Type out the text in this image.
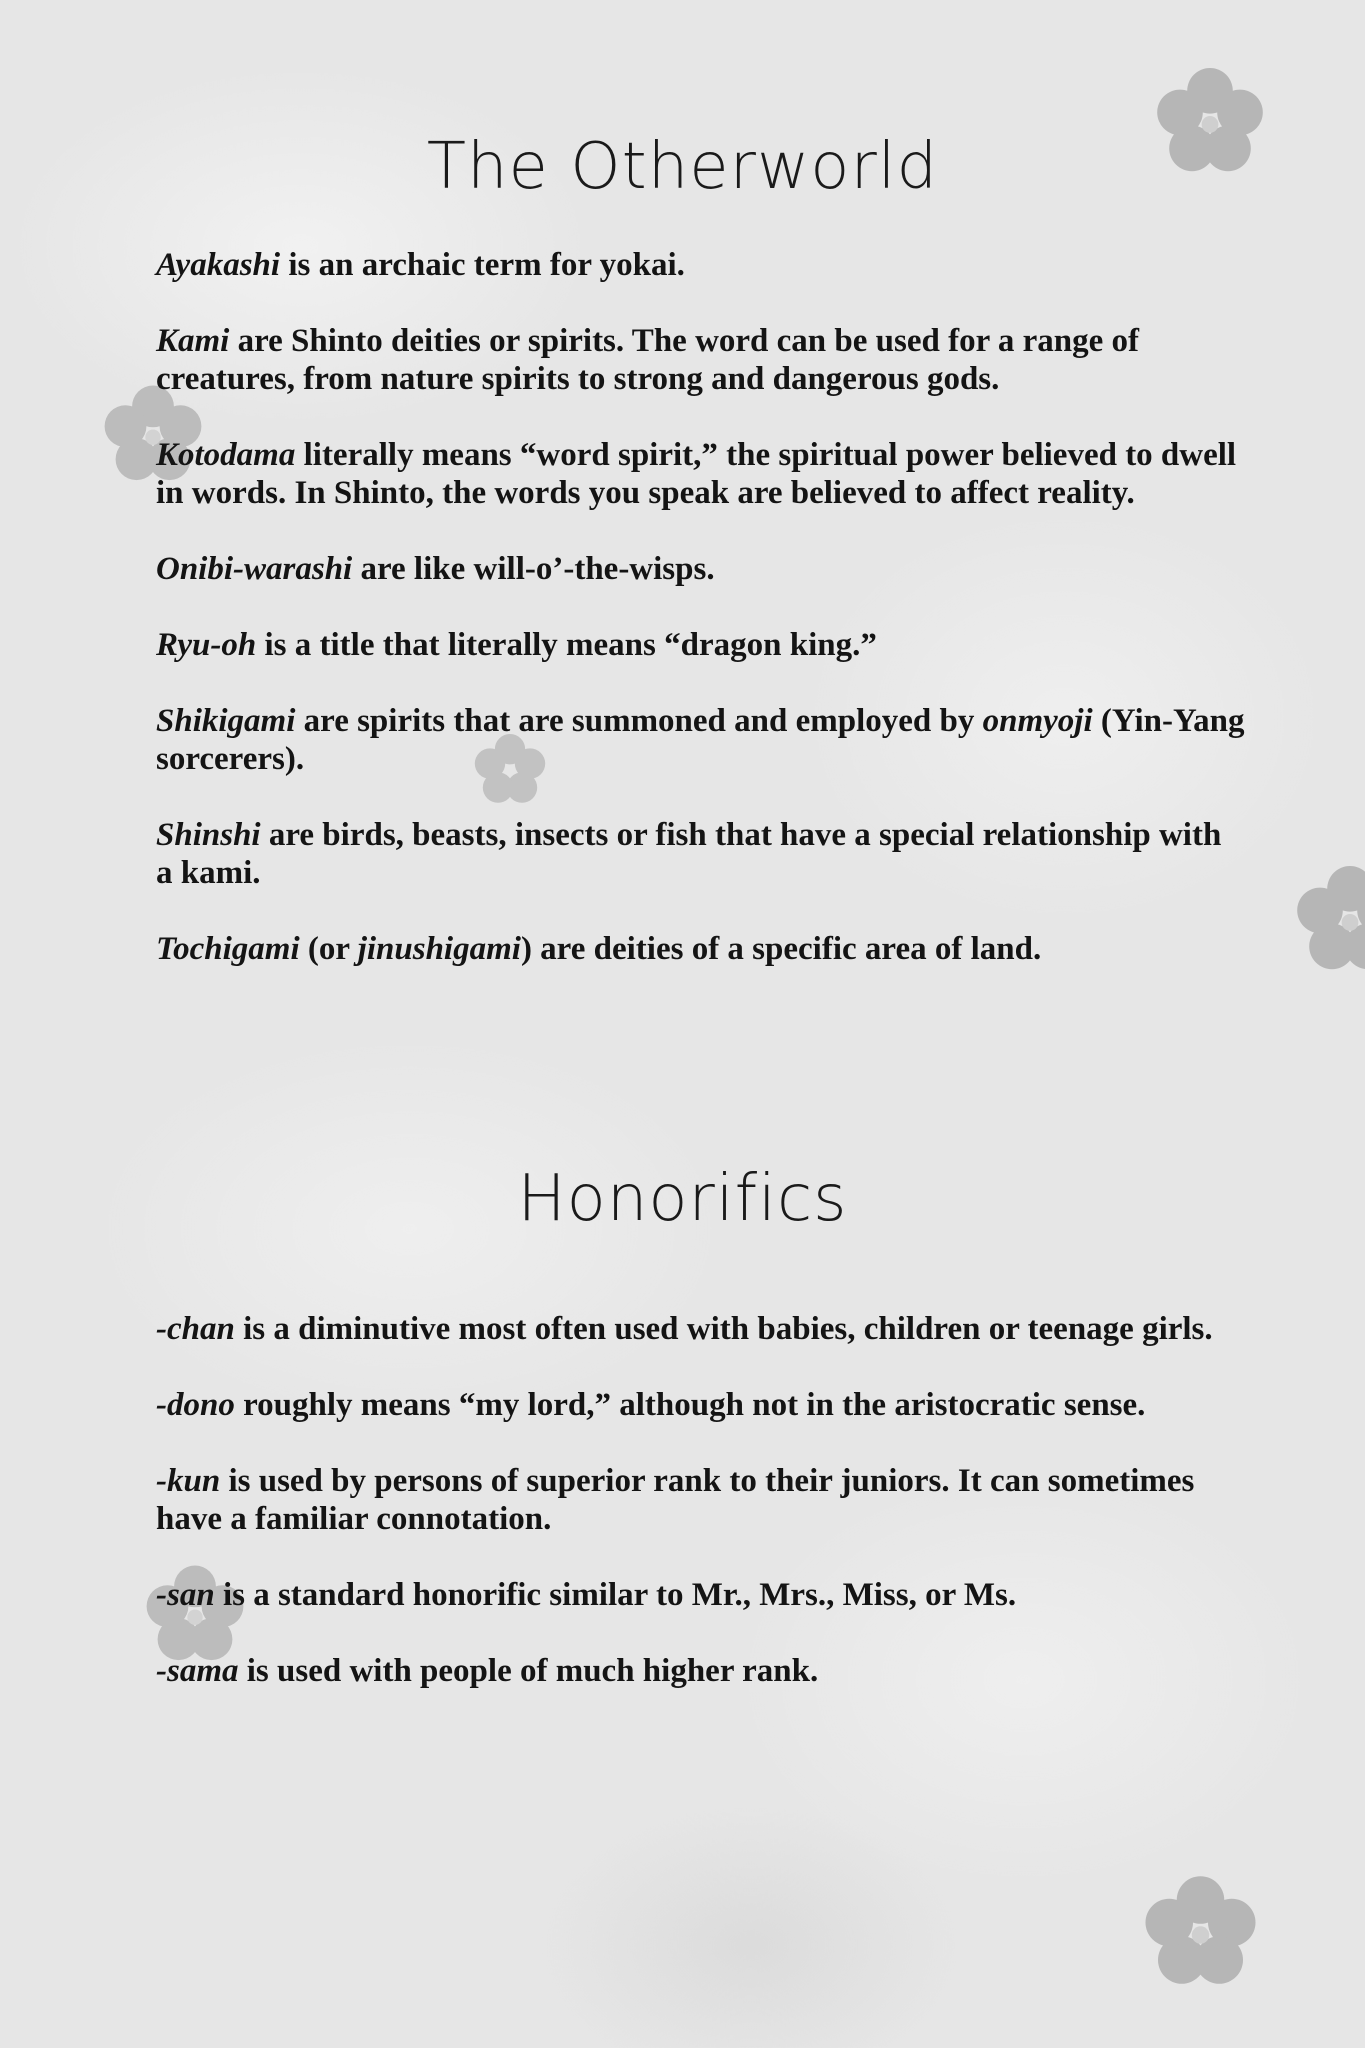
The Otherworld
Ayakashi is an archaic term for yokai.
Kami are Shinto deities or spirits. The word can be used for a range of creatures, from nature spirits to strong and dangerous gods.
Kotodama literally means “word spirit,” the spiritual power believed to dwell in words. In Shinto, the words you speak are believed to affect reality.
Onibi-warashi are like will-o’-the-wisps.
Ryu-oh is a title that literally means “dragon king.”
Shikigami are spirits that are summoned and employed by onmyoji (Yin-Yang sorcerers).
Shinshi are birds, beasts, insects or fish that have a special relationship with a kami.
Tochigami (or jinushigami) are deities of a specific area of land.
Honorifics
-chan is a diminutive most often used with babies, children or teenage girls.
-dono roughly means “my lord,” although not in the aristocratic sense.
-kun is used by persons of superior rank to their juniors. It can sometimes have a familiar connotation.
-san is a standard honorific similar to Mr., Mrs., Miss, or Ms.
-sama is used with people of much higher rank.
